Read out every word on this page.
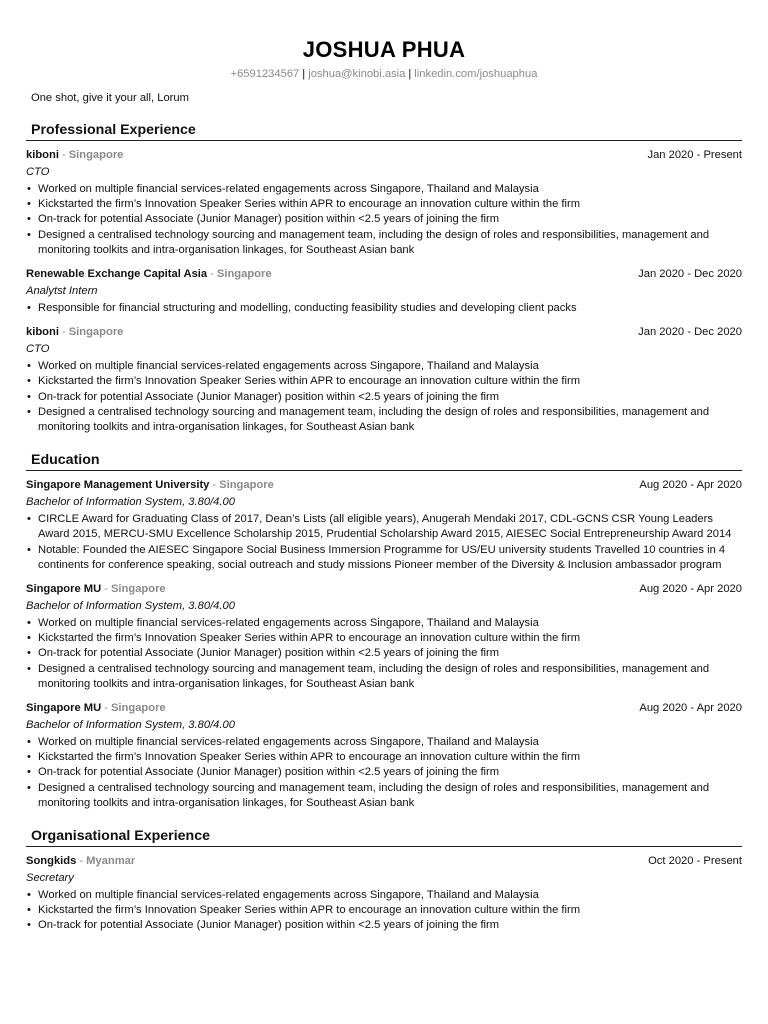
JOSHUA PHUA
+6591234567 | joshua@kinobi.asia | linkedin.com/joshuaphua
One shot, give it your all, Lorum
Professional Experience
kiboni - Singapore	Jan 2020 - Present
CTO
• Worked on multiple financial services-related engagements across Singapore, Thailand and Malaysia
• Kickstarted the firm’s Innovation Speaker Series within APR to encourage an innovation culture within the firm
• On-track for potential Associate (Junior Manager) position within <2.5 years of joining the firm
• Designed a centralised technology sourcing and management team, including the design of roles and responsibilities, management and monitoring toolkits and intra-organisation linkages, for Southeast Asian bank
Renewable Exchange Capital Asia - Singapore	Jan 2020 - Dec 2020
Analytst Intern
• Responsible for financial structuring and modelling, conducting feasibility studies and developing client packs
kiboni - Singapore	Jan 2020 - Dec 2020
CTO
• Worked on multiple financial services-related engagements across Singapore, Thailand and Malaysia
• Kickstarted the firm’s Innovation Speaker Series within APR to encourage an innovation culture within the firm
• On-track for potential Associate (Junior Manager) position within <2.5 years of joining the firm
• Designed a centralised technology sourcing and management team, including the design of roles and responsibilities, management and monitoring toolkits and intra-organisation linkages, for Southeast Asian bank
Education
Singapore Management University - Singapore	Aug 2020 - Apr 2020
Bachelor of Information System, 3.80/4.00
• CIRCLE Award for Graduating Class of 2017, Dean’s Lists (all eligible years), Anugerah Mendaki 2017, CDL-GCNS CSR Young Leaders Award 2015, MERCU-SMU Excellence Scholarship 2015, Prudential Scholarship Award 2015, AIESEC Social Entrepreneurship Award 2014
• Notable: Founded the AIESEC Singapore Social Business Immersion Programme for US/EU university students Travelled 10 countries in 4 continents for conference speaking, social outreach and study missions Pioneer member of the Diversity & Inclusion ambassador program
Singapore MU - Singapore	Aug 2020 - Apr 2020
Bachelor of Information System, 3.80/4.00
• Worked on multiple financial services-related engagements across Singapore, Thailand and Malaysia
• Kickstarted the firm’s Innovation Speaker Series within APR to encourage an innovation culture within the firm
• On-track for potential Associate (Junior Manager) position within <2.5 years of joining the firm
• Designed a centralised technology sourcing and management team, including the design of roles and responsibilities, management and monitoring toolkits and intra-organisation linkages, for Southeast Asian bank
Singapore MU - Singapore	Aug 2020 - Apr 2020
Bachelor of Information System, 3.80/4.00
• Worked on multiple financial services-related engagements across Singapore, Thailand and Malaysia
• Kickstarted the firm’s Innovation Speaker Series within APR to encourage an innovation culture within the firm
• On-track for potential Associate (Junior Manager) position within <2.5 years of joining the firm
• Designed a centralised technology sourcing and management team, including the design of roles and responsibilities, management and monitoring toolkits and intra-organisation linkages, for Southeast Asian bank
Organisational Experience
Songkids - Myanmar	Oct 2020 - Present
Secretary
• Worked on multiple financial services-related engagements across Singapore, Thailand and Malaysia
• Kickstarted the firm’s Innovation Speaker Series within APR to encourage an innovation culture within the firm
• On-track for potential Associate (Junior Manager) position within <2.5 years of joining the firm
